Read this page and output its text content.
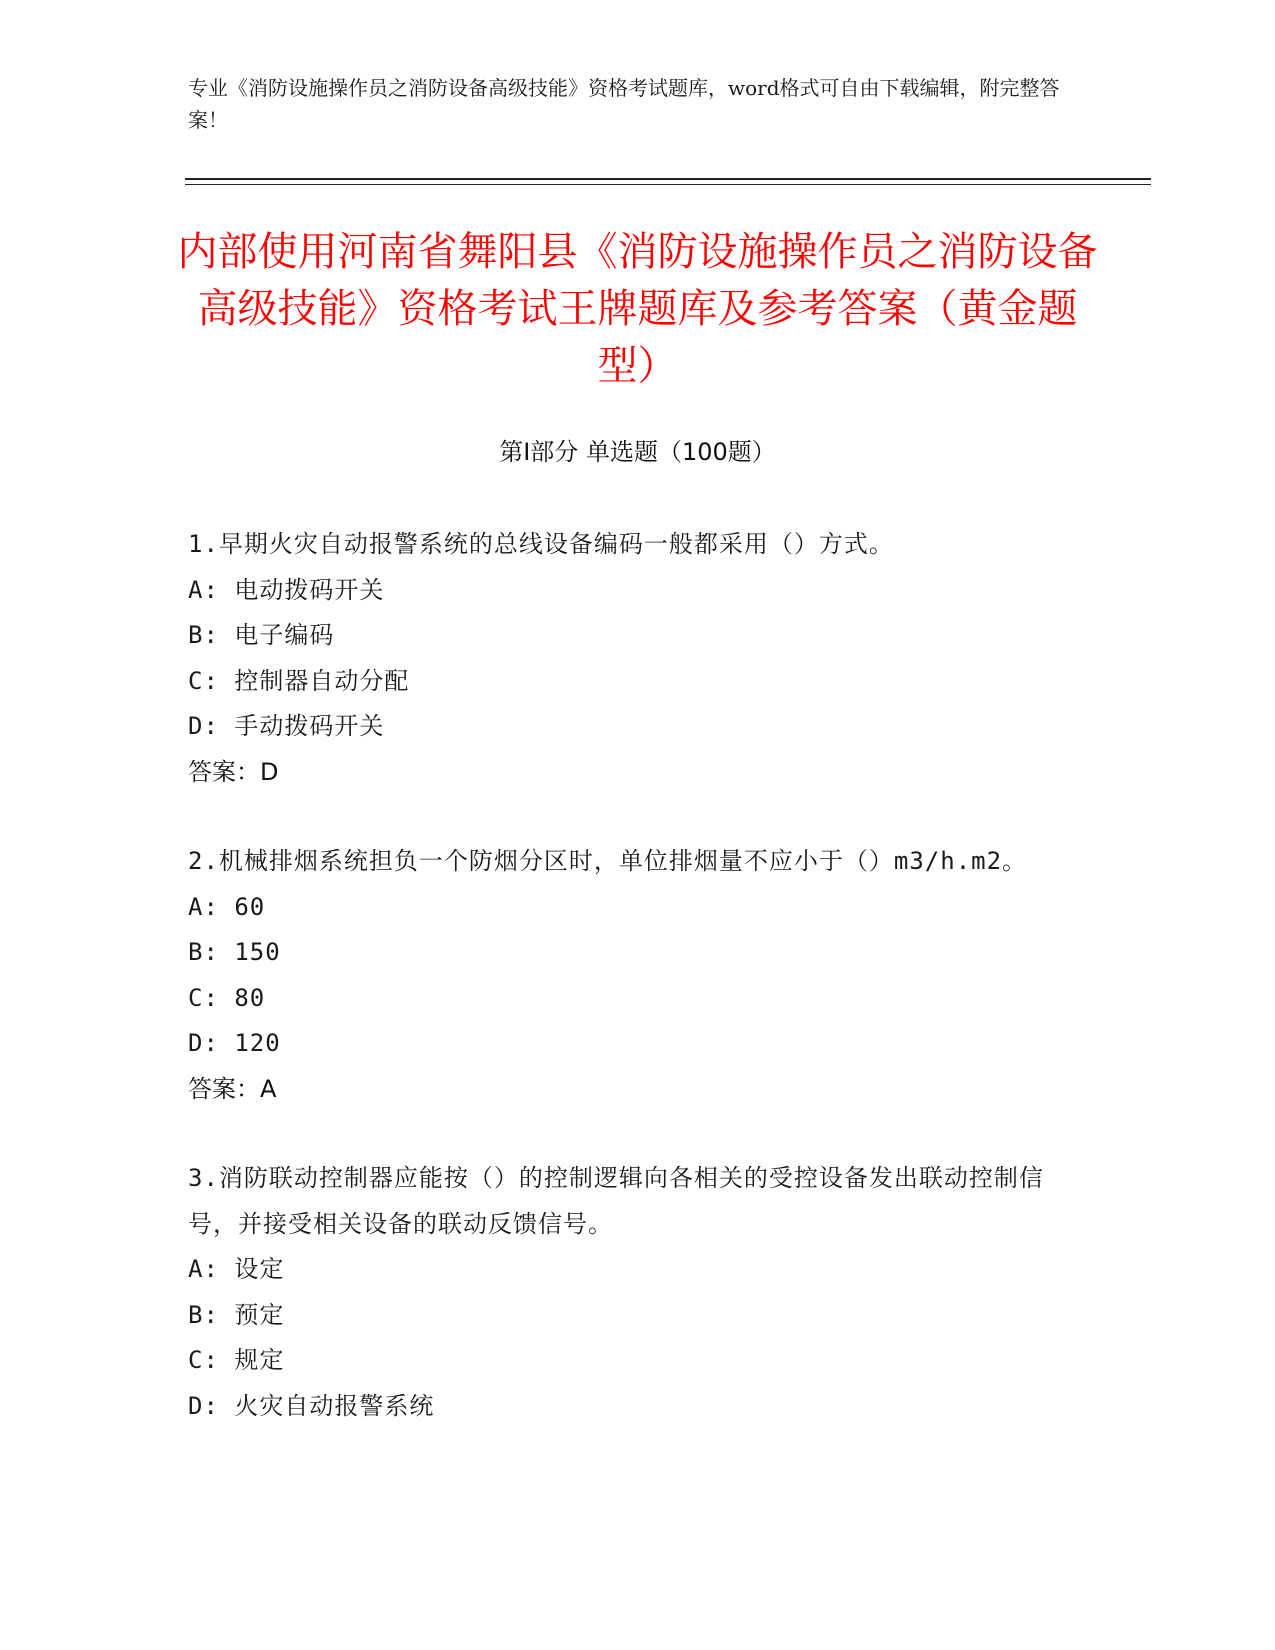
专业《消防设施操作员之消防设备高级技能》资格考试题库，word格式可自由下载编辑，附完整答案！
内部使用河南省舞阳县《消防设施操作员之消防设备高级技能》资格考试王牌题库及参考答案（黄金题型）
第I部分 单选题（100题）
1.早期火灾自动报警系统的总线设备编码一般都采用（）方式。
A: 电动拨码开关
B: 电子编码
C: 控制器自动分配
D: 手动拨码开关
答案：D
2.机械排烟系统担负一个防烟分区时，单位排烟量不应小于（）m3/h.m2。
A: 60
B: 150
C: 80
D: 120
答案：A
3.消防联动控制器应能按（）的控制逻辑向各相关的受控设备发出联动控制信号，并接受相关设备的联动反馈信号。
A: 设定
B: 预定
C: 规定
D: 火灾自动报警系统
